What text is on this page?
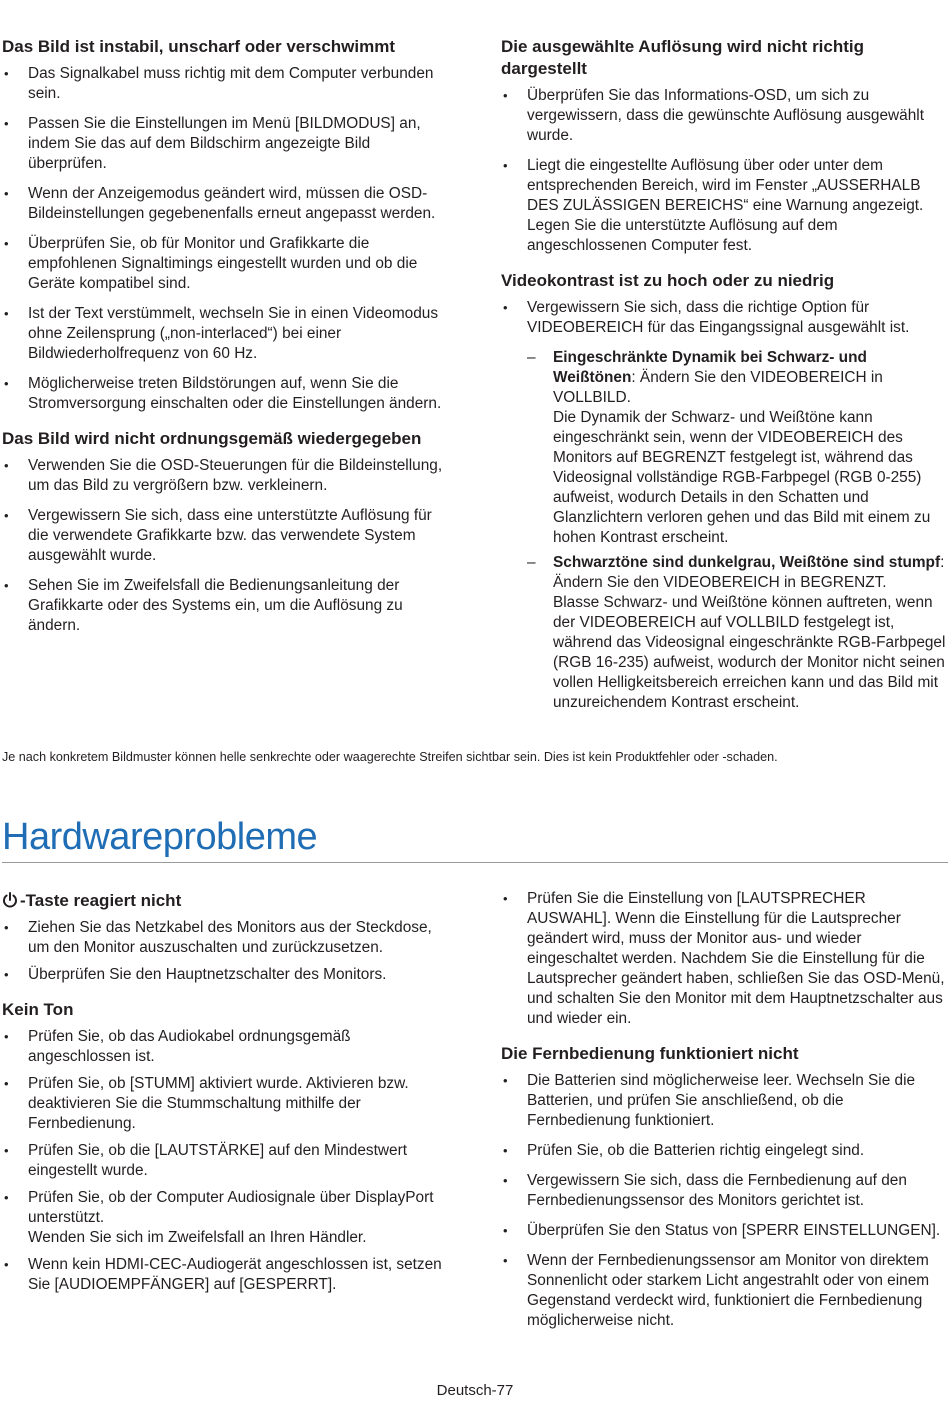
Das Bild ist instabil, unscharf oder verschwimmt
• Das Signalkabel muss richtig mit dem Computer verbunden sein.
• Passen Sie die Einstellungen im Menü [BILDMODUS] an, indem Sie das auf dem Bildschirm angezeigte Bild überprüfen.
• Wenn der Anzeigemodus geändert wird, müssen die OSD-Bildeinstellungen gegebenenfalls erneut angepasst werden.
• Überprüfen Sie, ob für Monitor und Grafikkarte die empfohlenen Signaltimings eingestellt wurden und ob die Geräte kompatibel sind.
• Ist der Text verstümmelt, wechseln Sie in einen Videomodus ohne Zeilensprung („non-interlaced“) bei einer Bildwiederholfrequenz von 60 Hz.
• Möglicherweise treten Bildstörungen auf, wenn Sie die Stromversorgung einschalten oder die Einstellungen ändern.
Das Bild wird nicht ordnungsgemäß wiedergegeben
• Verwenden Sie die OSD-Steuerungen für die Bildeinstellung, um das Bild zu vergrößern bzw. verkleinern.
• Vergewissern Sie sich, dass eine unterstützte Auflösung für die verwendete Grafikkarte bzw. das verwendete System ausgewählt wurde.
• Sehen Sie im Zweifelsfall die Bedienungsanleitung der Grafikkarte oder des Systems ein, um die Auflösung zu ändern.
Die ausgewählte Auflösung wird nicht richtig dargestellt
• Überprüfen Sie das Informations-OSD, um sich zu vergewissern, dass die gewünschte Auflösung ausgewählt wurde.
• Liegt die eingestellte Auflösung über oder unter dem entsprechenden Bereich, wird im Fenster „AUSSERHALB DES ZULÄSSIGEN BEREICHS“ eine Warnung angezeigt. Legen Sie die unterstützte Auflösung auf dem angeschlossenen Computer fest.
Videokontrast ist zu hoch oder zu niedrig
• Vergewissern Sie sich, dass die richtige Option für VIDEOBEREICH für das Eingangssignal ausgewählt ist.
– Eingeschränkte Dynamik bei Schwarz- und Weißtönen: Ändern Sie den VIDEOBEREICH in VOLLBILD.
Die Dynamik der Schwarz- und Weißtöne kann eingeschränkt sein, wenn der VIDEOBEREICH des Monitors auf BEGRENZT festgelegt ist, während das Videosignal vollständige RGB-Farbpegel (RGB 0-255) aufweist, wodurch Details in den Schatten und Glanzlichtern verloren gehen und das Bild mit einem zu hohen Kontrast erscheint.
– Schwarztöne sind dunkelgrau, Weißtöne sind stumpf: Ändern Sie den VIDEOBEREICH in BEGRENZT.
Blasse Schwarz- und Weißtöne können auftreten, wenn der VIDEOBEREICH auf VOLLBILD festgelegt ist, während das Videosignal eingeschränkte RGB-Farbpegel (RGB 16-235) aufweist, wodurch der Monitor nicht seinen vollen Helligkeitsbereich erreichen kann und das Bild mit unzureichendem Kontrast erscheint.
Je nach konkretem Bildmuster können helle senkrechte oder waagerechte Streifen sichtbar sein. Dies ist kein Produktfehler oder -schaden.
Hardwareprobleme
-Taste reagiert nicht
• Ziehen Sie das Netzkabel des Monitors aus der Steckdose, um den Monitor auszuschalten und zurückzusetzen.
• Überprüfen Sie den Hauptnetzschalter des Monitors.
Kein Ton
• Prüfen Sie, ob das Audiokabel ordnungsgemäß angeschlossen ist.
• Prüfen Sie, ob [STUMM] aktiviert wurde. Aktivieren bzw. deaktivieren Sie die Stummschaltung mithilfe der Fernbedienung.
• Prüfen Sie, ob die [LAUTSTÄRKE] auf den Mindestwert eingestellt wurde.
• Prüfen Sie, ob der Computer Audiosignale über DisplayPort unterstützt.
Wenden Sie sich im Zweifelsfall an Ihren Händler.
• Wenn kein HDMI-CEC-Audiogerät angeschlossen ist, setzen Sie [AUDIOEMPFÄNGER] auf [GESPERRT].
• Prüfen Sie die Einstellung von [LAUTSPRECHER AUSWAHL]. Wenn die Einstellung für die Lautsprecher geändert wird, muss der Monitor aus- und wieder eingeschaltet werden. Nachdem Sie die Einstellung für die Lautsprecher geändert haben, schließen Sie das OSD-Menü, und schalten Sie den Monitor mit dem Hauptnetzschalter aus und wieder ein.
Die Fernbedienung funktioniert nicht
• Die Batterien sind möglicherweise leer. Wechseln Sie die Batterien, und prüfen Sie anschließend, ob die Fernbedienung funktioniert.
• Prüfen Sie, ob die Batterien richtig eingelegt sind.
• Vergewissern Sie sich, dass die Fernbedienung auf den Fernbedienungssensor des Monitors gerichtet ist.
• Überprüfen Sie den Status von [SPERR EINSTELLUNGEN].
• Wenn der Fernbedienungssensor am Monitor von direktem Sonnenlicht oder starkem Licht angestrahlt oder von einem Gegenstand verdeckt wird, funktioniert die Fernbedienung möglicherweise nicht.
Deutsch-77
